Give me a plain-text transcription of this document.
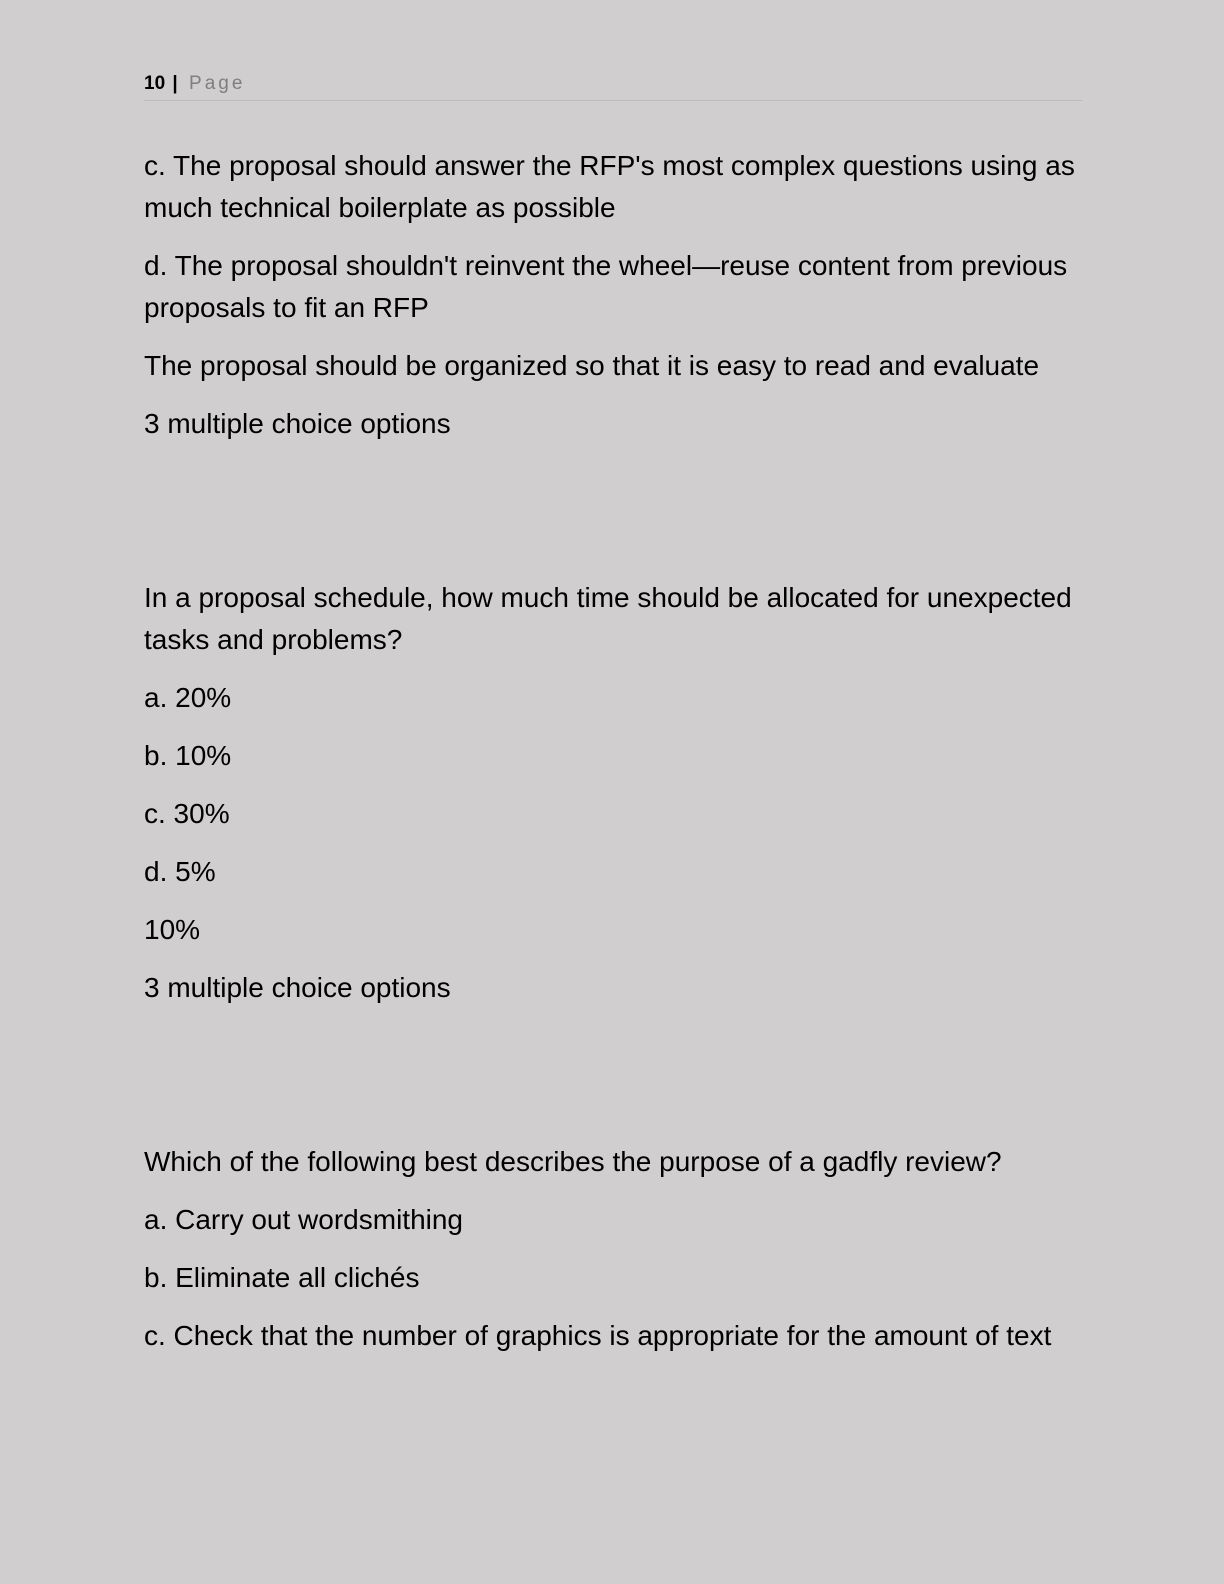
10 | Page

c. The proposal should answer the RFP's most complex questions using as much technical boilerplate as possible

d. The proposal shouldn't reinvent the wheel—reuse content from previous proposals to fit an RFP

The proposal should be organized so that it is easy to read and evaluate

3 multiple choice options

In a proposal schedule, how much time should be allocated for unexpected tasks and problems?

a. 20%

b. 10%

c. 30%

d. 5%

10%

3 multiple choice options

Which of the following best describes the purpose of a gadfly review?

a. Carry out wordsmithing

b. Eliminate all clichés

c. Check that the number of graphics is appropriate for the amount of text
